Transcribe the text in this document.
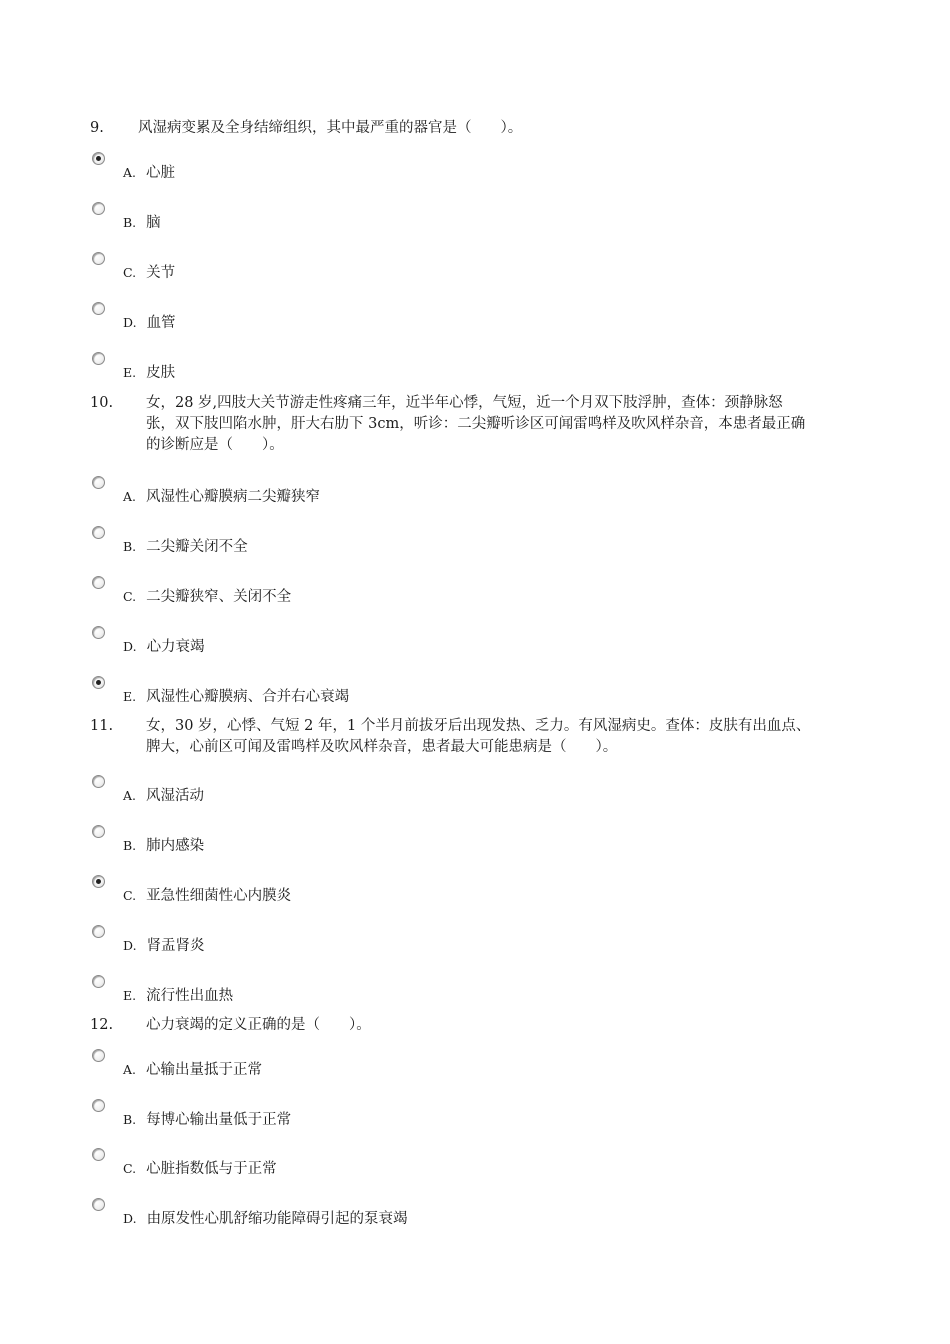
9. 风湿病变累及全身结缔组织，其中最严重的器官是（　　）。
A. 心脏
B. 脑
C. 关节
D. 血管
E. 皮肤
10. 女，28 岁,四肢大关节游走性疼痛三年，近半年心悸，气短，近一个月双下肢浮肿，查体：颈静脉怒张，双下肢凹陷水肿，肝大右肋下 3cm，听诊：二尖瓣听诊区可闻雷鸣样及吹风样杂音，本患者最正确的诊断应是（　　）。
A. 风湿性心瓣膜病二尖瓣狭窄
B. 二尖瓣关闭不全
C. 二尖瓣狭窄、关闭不全
D. 心力衰竭
E. 风湿性心瓣膜病、合并右心衰竭
11. 女，30 岁，心悸、气短 2 年，1 个半月前拔牙后出现发热、乏力。有风湿病史。查体：皮肤有出血点、脾大，心前区可闻及雷鸣样及吹风样杂音，患者最大可能患病是（　　）。
A. 风湿活动
B. 肺内感染
C. 亚急性细菌性心内膜炎
D. 肾盂肾炎
E. 流行性出血热
12. 心力衰竭的定义正确的是（　　）。
A. 心输出量抵于正常
B. 每博心输出量低于正常
C. 心脏指数低与于正常
D. 由原发性心肌舒缩功能障碍引起的泵衰竭
